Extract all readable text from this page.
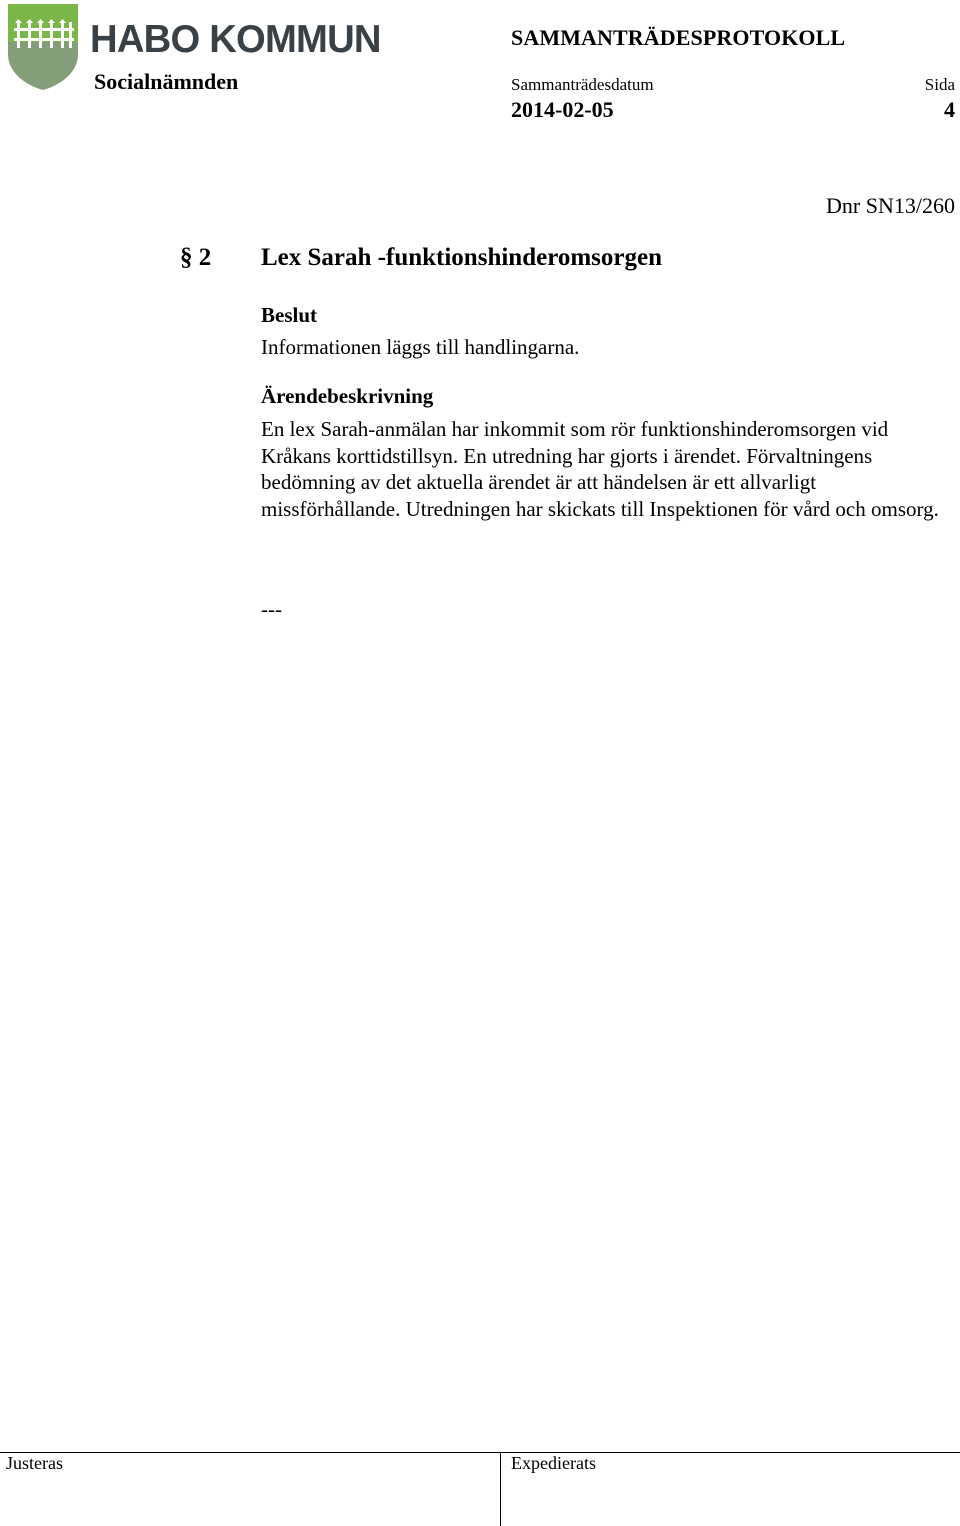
HABO KOMMUN
Socialnämnden
SAMMANTRÄDESPROTOKOLL
Sammanträdesdatum
2014-02-05
Sida
4
Dnr SN13/260
§ 2 Lex Sarah -funktionshinderomsorgen
Beslut
Informationen läggs till handlingarna.
Ärendebeskrivning
En lex Sarah-anmälan har inkommit som rör funktionshinderomsorgen vid Kråkans korttidstillsyn. En utredning har gjorts i ärendet. Förvaltningens bedömning av det aktuella ärendet är att händelsen är ett allvarligt missförhållande. Utredningen har skickats till Inspektionen för vård och omsorg.
---
Justeras	Expedierats
